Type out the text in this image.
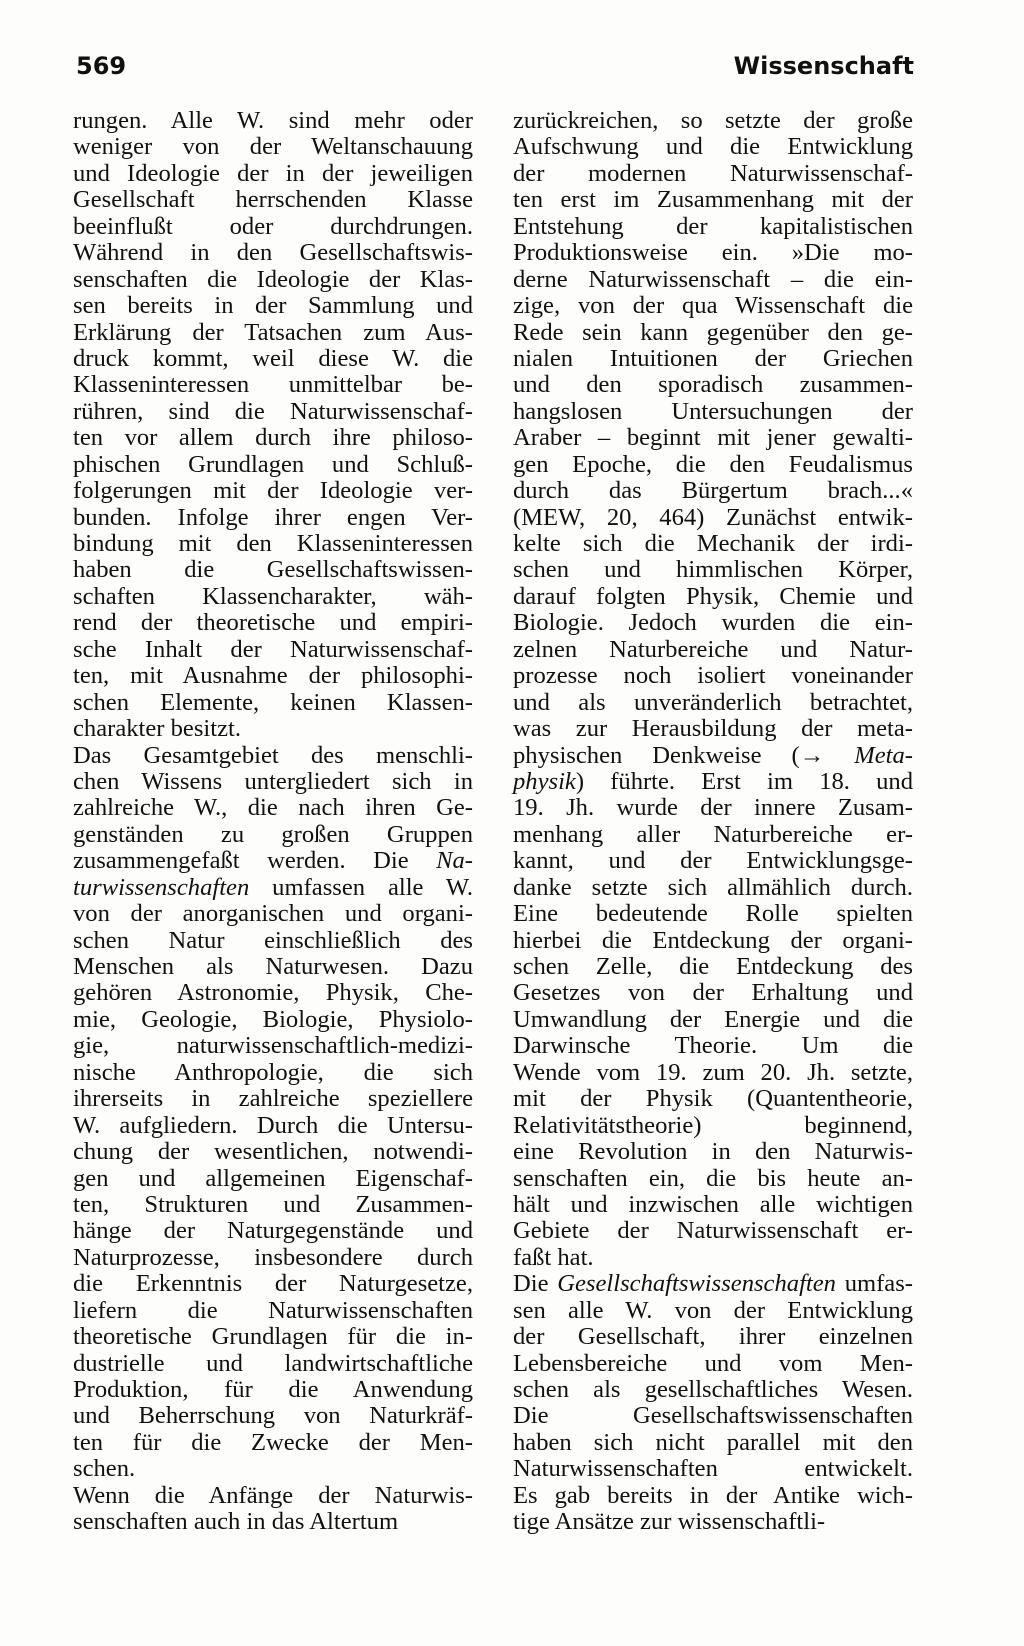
569	Wissenschaft
rungen. Alle W. sind mehr oder
weniger von der Weltanschauung
und Ideologie der in der jeweiligen
Gesellschaft herrschenden Klasse
beeinflußt oder durchdrungen.
Während in den Gesellschaftswis-
senschaften die Ideologie der Klas-
sen bereits in der Sammlung und
Erklärung der Tatsachen zum Aus-
druck kommt, weil diese W. die
Klasseninteressen unmittelbar be-
rühren, sind die Naturwissenschaf-
ten vor allem durch ihre philoso-
phischen Grundlagen und Schluß-
folgerungen mit der Ideologie ver-
bunden. Infolge ihrer engen Ver-
bindung mit den Klasseninteressen
haben die Gesellschaftswissen-
schaften Klassencharakter, wäh-
rend der theoretische und empiri-
sche Inhalt der Naturwissenschaf-
ten, mit Ausnahme der philosophi-
schen Elemente, keinen Klassen-
charakter besitzt.
Das Gesamtgebiet des menschli-
chen Wissens untergliedert sich in
zahlreiche W., die nach ihren Ge-
genständen zu großen Gruppen
zusammengefaßt werden. Die Na-
turwissenschaften umfassen alle W.
von der anorganischen und organi-
schen Natur einschließlich des
Menschen als Naturwesen. Dazu
gehören Astronomie, Physik, Che-
mie, Geologie, Biologie, Physiolo-
gie, naturwissenschaftlich-medizi-
nische Anthropologie, die sich
ihrerseits in zahlreiche speziellere
W. aufgliedern. Durch die Untersu-
chung der wesentlichen, notwendi-
gen und allgemeinen Eigenschaf-
ten, Strukturen und Zusammen-
hänge der Naturgegenstände und
Naturprozesse, insbesondere durch
die Erkenntnis der Naturgesetze,
liefern die Naturwissenschaften
theoretische Grundlagen für die in-
dustrielle und landwirtschaftliche
Produktion, für die Anwendung
und Beherrschung von Naturkräf-
ten für die Zwecke der Men-
schen.
Wenn die Anfänge der Naturwis-
senschaften auch in das Altertum
zurückreichen, so setzte der große
Aufschwung und die Entwicklung
der modernen Naturwissenschaf-
ten erst im Zusammenhang mit der
Entstehung der kapitalistischen
Produktionsweise ein. »Die mo-
derne Naturwissenschaft – die ein-
zige, von der qua Wissenschaft die
Rede sein kann gegenüber den ge-
nialen Intuitionen der Griechen
und den sporadisch zusammen-
hangslosen Untersuchungen der
Araber – beginnt mit jener gewalti-
gen Epoche, die den Feudalismus
durch das Bürgertum brach...«
(MEW, 20, 464) Zunächst entwik-
kelte sich die Mechanik der irdi-
schen und himmlischen Körper,
darauf folgten Physik, Chemie und
Biologie. Jedoch wurden die ein-
zelnen Naturbereiche und Natur-
prozesse noch isoliert voneinander
und als unveränderlich betrachtet,
was zur Herausbildung der meta-
physischen Denkweise (→ Meta-
physik) führte. Erst im 18. und
19. Jh. wurde der innere Zusam-
menhang aller Naturbereiche er-
kannt, und der Entwicklungsge-
danke setzte sich allmählich durch.
Eine bedeutende Rolle spielten
hierbei die Entdeckung der organi-
schen Zelle, die Entdeckung des
Gesetzes von der Erhaltung und
Umwandlung der Energie und die
Darwinsche Theorie. Um die
Wende vom 19. zum 20. Jh. setzte,
mit der Physik (Quantentheorie,
Relativitätstheorie) beginnend,
eine Revolution in den Naturwis-
senschaften ein, die bis heute an-
hält und inzwischen alle wichtigen
Gebiete der Naturwissenschaft er-
faßt hat.
Die Gesellschaftswissenschaften umfas-
sen alle W. von der Entwicklung
der Gesellschaft, ihrer einzelnen
Lebensbereiche und vom Men-
schen als gesellschaftliches Wesen.
Die Gesellschaftswissenschaften
haben sich nicht parallel mit den
Naturwissenschaften entwickelt.
Es gab bereits in der Antike wich-
tige Ansätze zur wissenschaftli-
